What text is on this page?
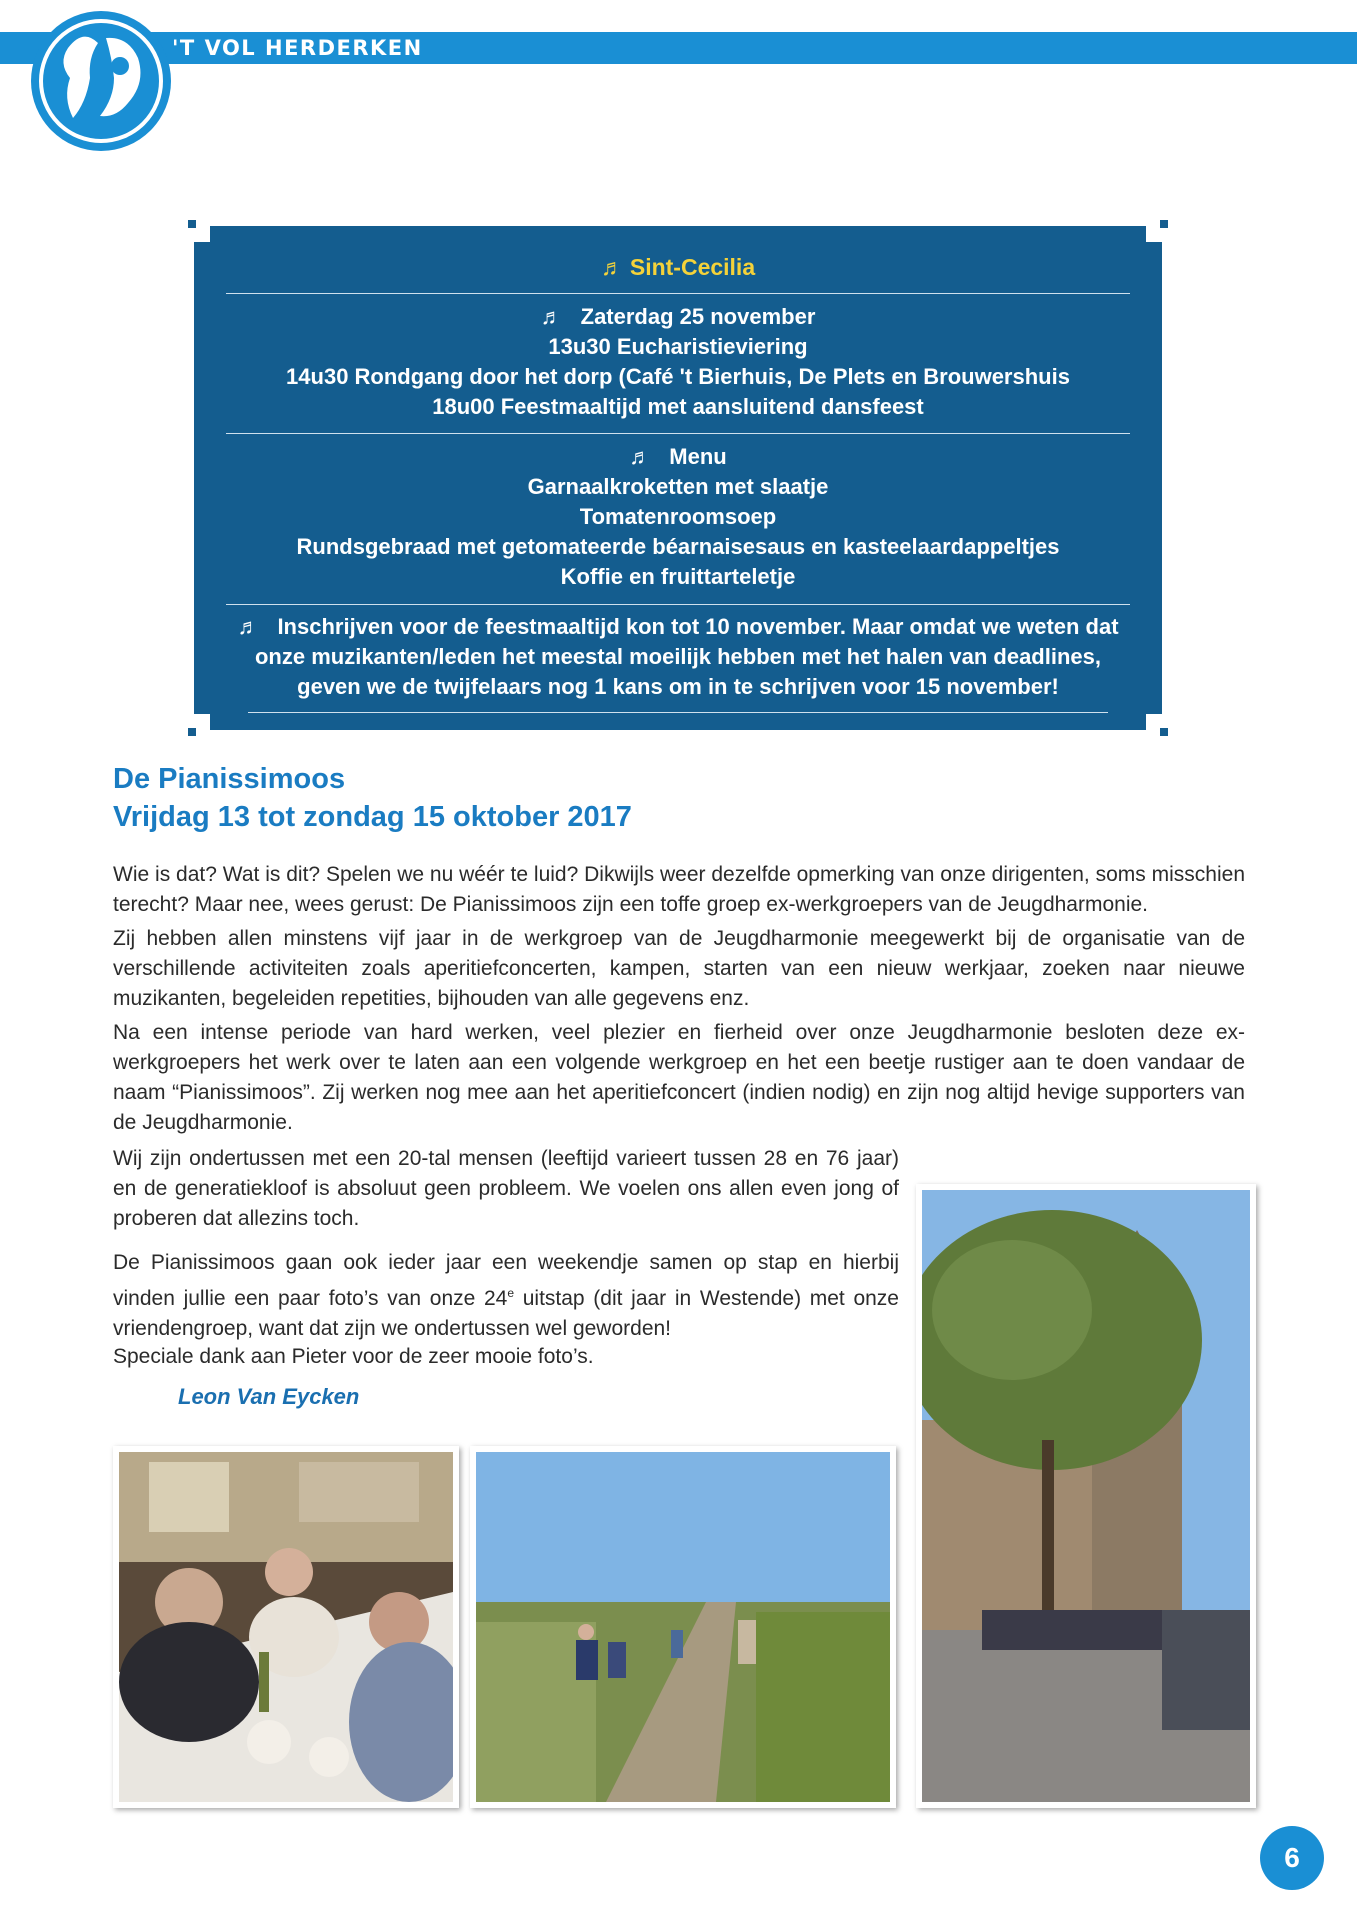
'T VOL HERDERKEN
♬ Sint-Cecilia
♬ Zaterdag 25 november
13u30 Eucharistieviering
14u30 Rondgang door het dorp (Café 't Bierhuis, De Plets en Brouwershuis
18u00 Feestmaaltijd met aansluitend dansfeest
♬ Menu
Garnaalkroketten met slaatje
Tomatenroomsoep
Rundsgebraad met getomateerde béarnaisesaus en kasteelaardappeltjes
Koffie en fruittarteletje
♬ Inschrijven voor de feestmaaltijd kon tot 10 november. Maar omdat we weten dat
onze muzikanten/leden het meestal moeilijk hebben met het halen van deadlines,
geven we de twijfelaars nog 1 kans om in te schrijven voor 15 november!
De Pianissimoos
Vrijdag 13 tot zondag 15 oktober 2017

Wie is dat? Wat is dit? Spelen we nu wéér te luid? Dikwijls weer dezelfde opmerking van onze dirigenten, soms misschien terecht? Maar nee, wees gerust: De Pianissimoos zijn een toffe groep ex-werkgroepers van de Jeugdharmonie.

Zij hebben allen minstens vijf jaar in de werkgroep van de Jeugdharmonie meegewerkt bij de organisatie van de verschillende activiteiten zoals aperitiefconcerten, kampen, starten van een nieuw werkjaar, zoeken naar nieuwe muzikanten, begeleiden repetities, bijhouden van alle gegevens enz.

Na een intense periode van hard werken, veel plezier en fierheid over onze Jeugdharmonie besloten deze ex-werkgroepers het werk over te laten aan een volgende werkgroep en het een beetje rustiger aan te doen vandaar de naam “Pianissimoos”. Zij werken nog mee aan het aperitiefconcert (indien nodig) en zijn nog altijd hevige supporters van de Jeugdharmonie.

Wij zijn ondertussen met een 20-tal mensen (leeftijd varieert tussen 28 en 76 jaar) en de generatiekloof is absoluut geen probleem. We voelen ons allen even jong of proberen dat allezins toch.

De Pianissimoos gaan ook ieder jaar een weekendje samen op stap en hierbij vinden jullie een paar foto’s van onze 24e uitstap (dit jaar in Westende) met onze vriendengroep, want dat zijn we ondertussen wel geworden!

Speciale dank aan Pieter voor de zeer mooie foto’s.

Leon Van Eycken
6
